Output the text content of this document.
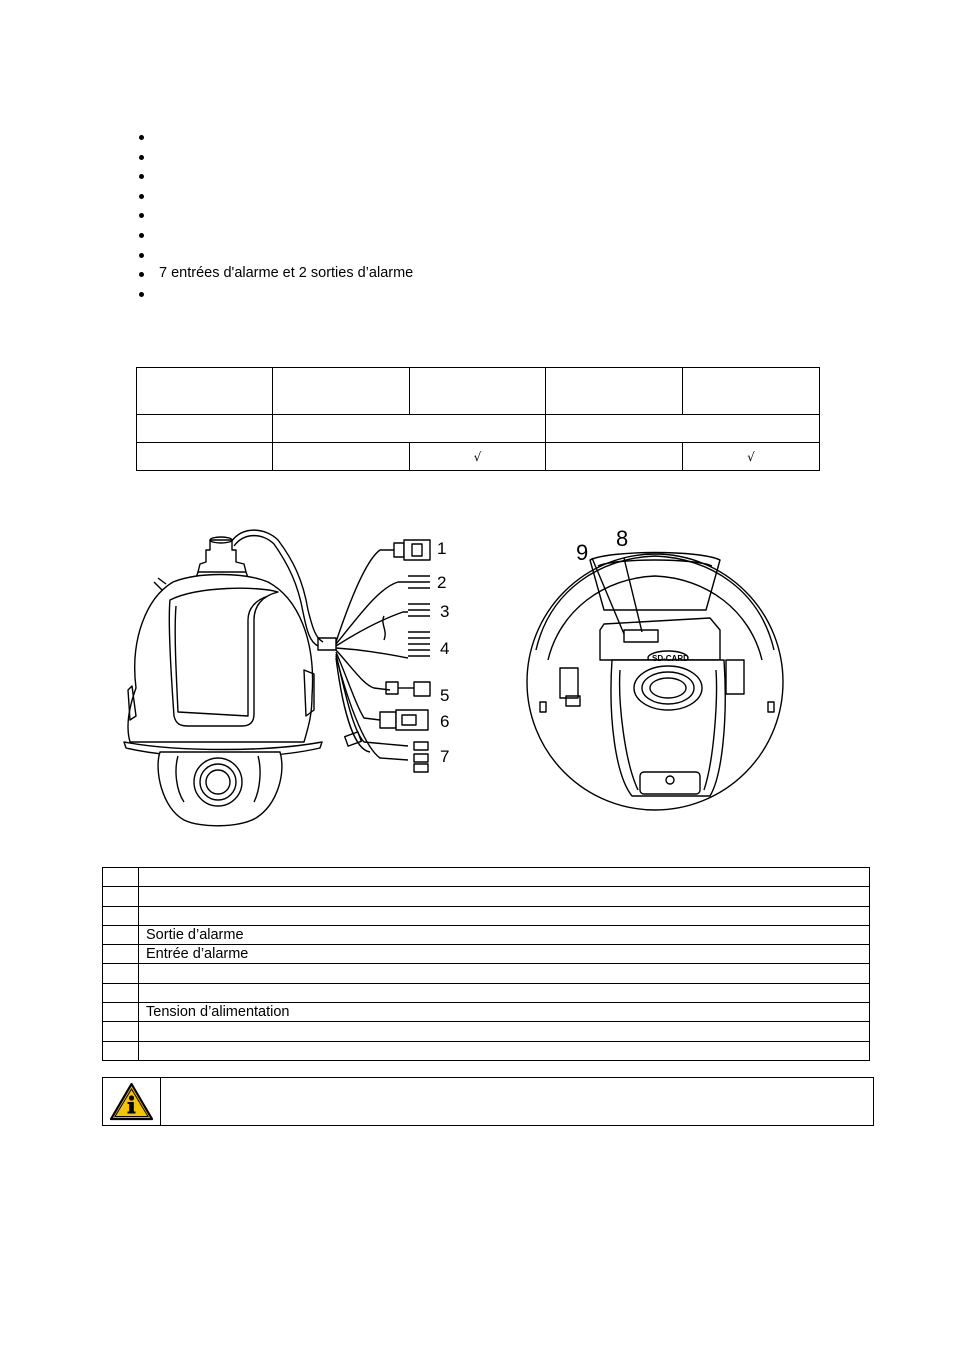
7 entrées d'alarme et 2 sorties d’alarme

		√		√
1
2
3
4
5
6
7
8
9
SD-CARD

	Sortie d’alarme
	Entrée d’alarme

	Tension d’alimentation
